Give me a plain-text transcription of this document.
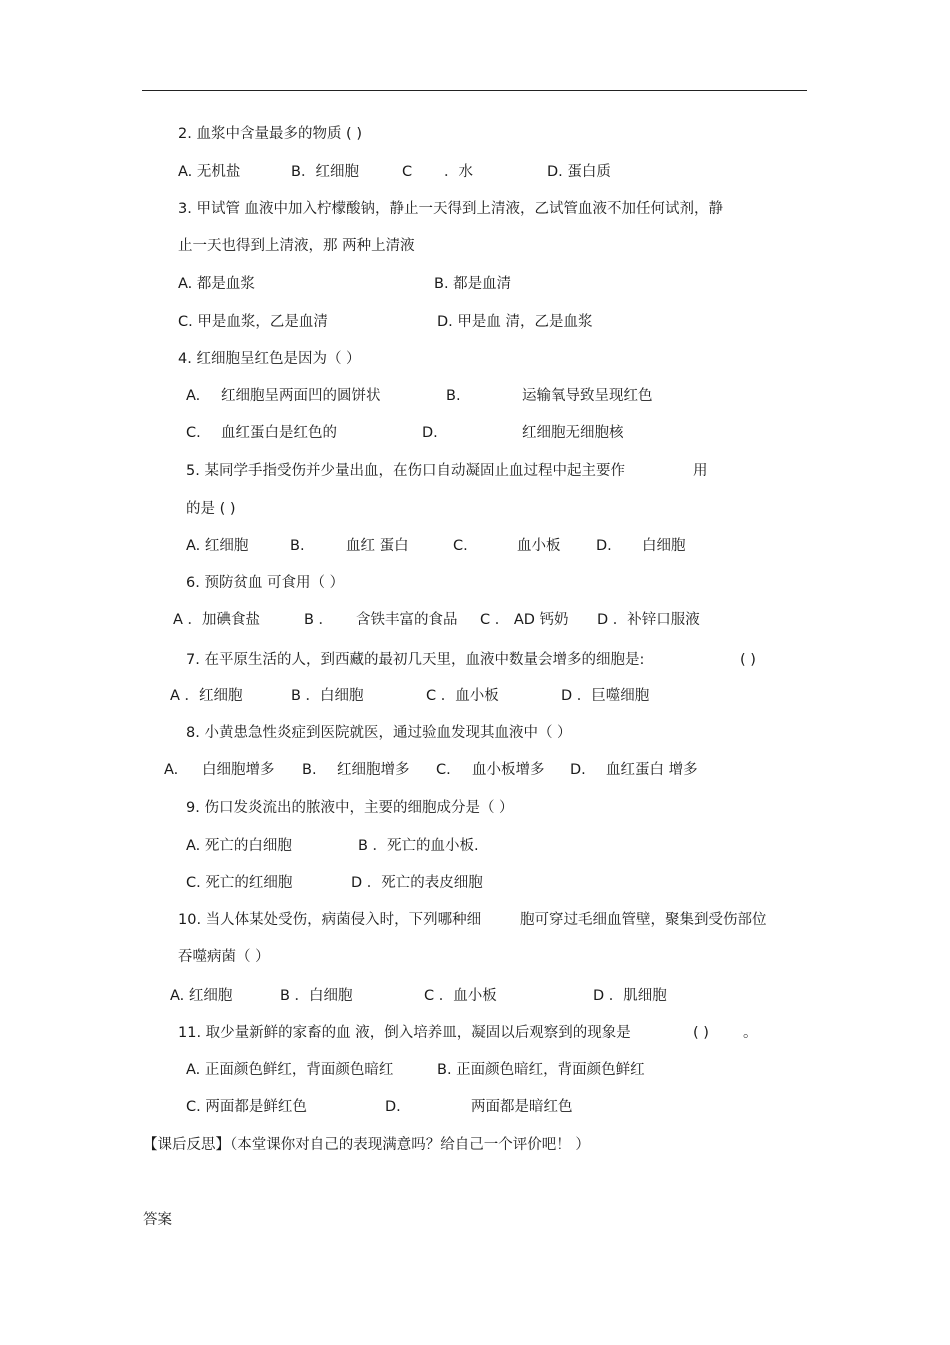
2. 血浆中含量最多的物质 ( )
A. 无机盐	B．红细胞	C ．水	D. 蛋白质
3. 甲试管 血液中加入柠檬酸钠，静止一天得到上清液，乙试管血液不加任何试剂，静
止一天也得到上清液，那 两种上清液
A. 都是血浆	B. 都是血清
C. 甲是血浆，乙是血清	D. 甲是血 清，乙是血浆
4. 红细胞呈红色是因为（ ）
A. 红细胞呈两面凹的圆饼状	B.	运输氧导致呈现红色
C. 血红蛋白是红色的	D.	红细胞无细胞核
5. 某同学手指受伤并少量出血，在伤口自动凝固止血过程中起主要作	用
的是 ( )
A. 红细胞	B.	血红 蛋白	C.	血小板 D. 白细胞
6. 预防贫血 可食用（ ）
A ．加碘食盐	B ． 含铁丰富的食品 C ． AD 钙奶 D ．补锌口服液
7. 在平原生活的人，到西藏的最初几天里，血液中数量会增多的细胞是:	( )
A ．红细胞	B ．白细胞	C ．血小板	D ．巨噬细胞
8. 小黄患急性炎症到医院就医，通过验血发现其血液中（ ）
A. 白细胞增多 B. 红细胞增多 C. 血小板增多 D. 血红蛋白 增多
9. 伤口发炎流出的脓液中，主要的细胞成分是（ ）
A. 死亡的白细胞	B ．死亡的血小板.
C. 死亡的红细胞	D ．死亡的表皮细胞
10. 当人体某处受伤，病菌侵入时，下列哪种细	胞可穿过毛细血管壁，聚集到受伤部位
吞噬病菌（ ）
A. 红细胞	B ．白细胞	C ．血小板	D ．肌细胞
11. 取少量新鲜的家畜的血 液，倒入培养皿，凝固以后观察到的现象是	( ) 。
A. 正面颜色鲜红，背面颜色暗红	B. 正面颜色暗红，背面颜色鲜红
C. 两面都是鲜红色	D.	两面都是暗红色
【课后反思】（本堂课你对自己的表现满意吗？给自己一个评价吧！ ）
答案
